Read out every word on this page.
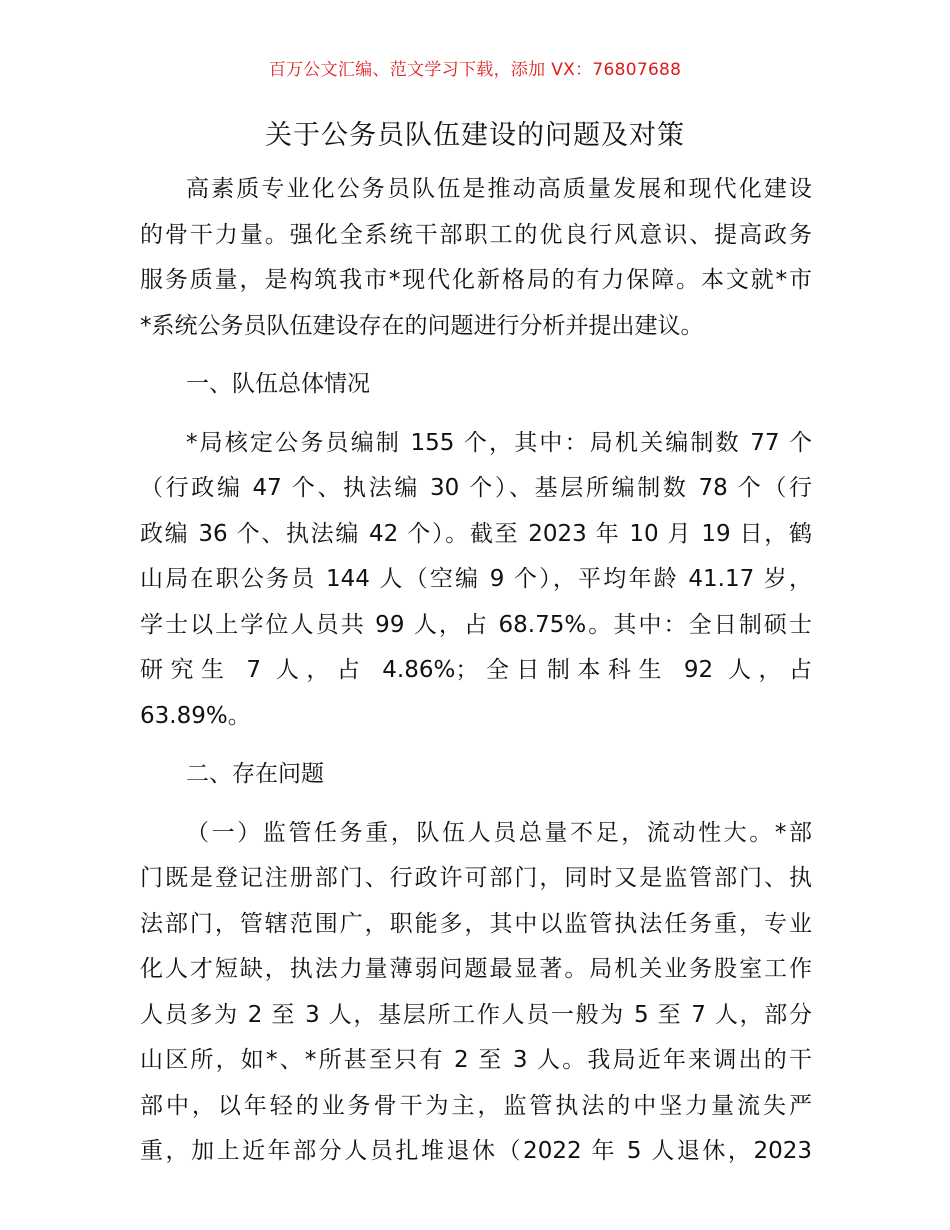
百万公文汇编、范文学习下载，添加 VX：76807688
关于公务员队伍建设的问题及对策
高素质专业化公务员队伍是推动高质量发展和现代化建设
的骨干力量。强化全系统干部职工的优良行风意识、提高政务
服务质量，是构筑我市*现代化新格局的有力保障。本文就*市
*系统公务员队伍建设存在的问题进行分析并提出建议。

一、队伍总体情况

*局核定公务员编制 155 个，其中：局机关编制数 77 个
（行政编 47 个、执法编 30 个）、基层所编制数 78 个（行
政编 36 个、执法编 42 个）。截至 2023 年 10 月 19 日，鹤
山局在职公务员 144 人（空编 9 个），平均年龄 41.17 岁，
学士以上学位人员共 99 人，占 68.75%。其中：全日制硕士
研究生 7 人，占 4.86%；全日制本科生 92 人，占
63.89%。

二、存在问题

（一）监管任务重，队伍人员总量不足，流动性大。*部
门既是登记注册部门、行政许可部门，同时又是监管部门、执
法部门，管辖范围广，职能多，其中以监管执法任务重，专业
化人才短缺，执法力量薄弱问题最显著。局机关业务股室工作
人员多为 2 至 3 人，基层所工作人员一般为 5 至 7 人，部分
山区所，如*、*所甚至只有 2 至 3 人。我局近年来调出的干
部中，以年轻的业务骨干为主，监管执法的中坚力量流失严
重，加上近年部分人员扎堆退休（2022 年 5 人退休，2023
